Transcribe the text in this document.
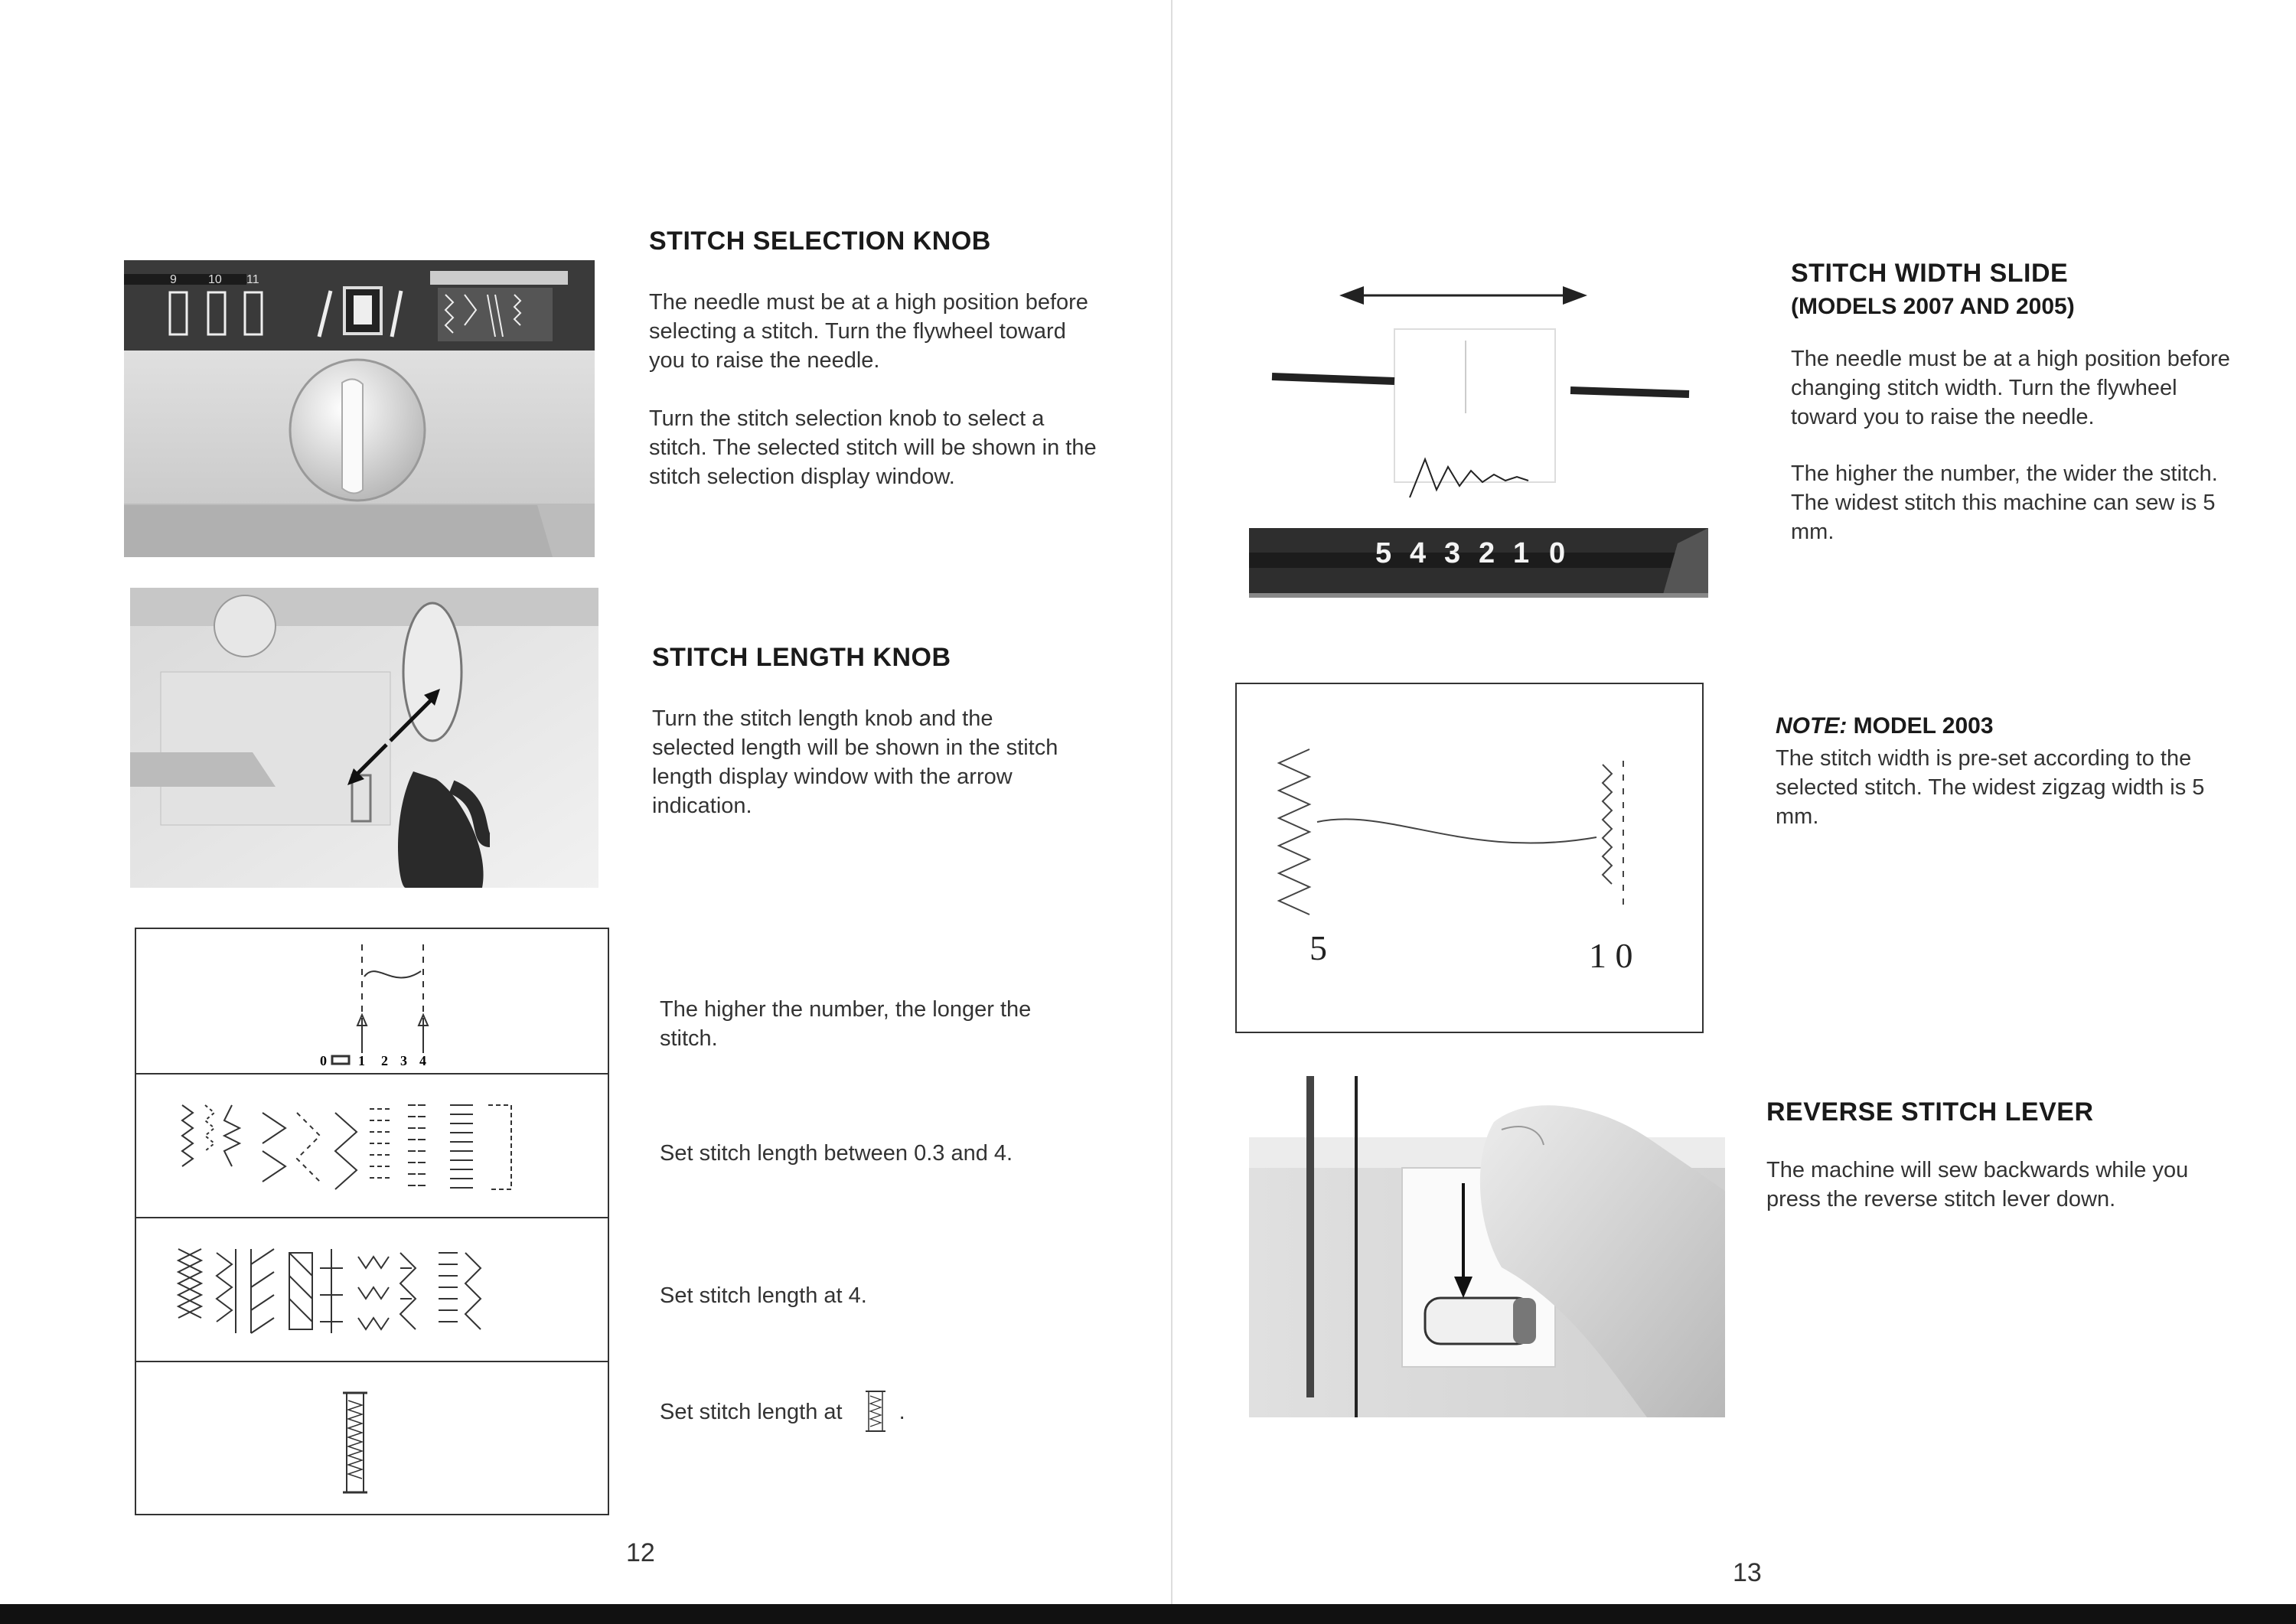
9	10 11
STITCH SELECTION KNOB

The needle must be at a high position before selecting a stitch. Turn the flywheel toward you to raise the needle.

Turn the stitch selection knob to select a stitch. The selected stitch will be shown in the stitch selection display window.

STITCH LENGTH KNOB

Turn the stitch length knob and the selected length will be shown in the stitch length display window with the arrow indication.

0 1 2 3 4

The higher the number, the longer the stitch.

Set stitch length between 0.3 and 4.

Set stitch length at 4.

Set stitch length at	.
12
5 4 3 2 1 0
STITCH WIDTH SLIDE
(MODELS 2007 AND 2005)

The needle must be at a high position before changing stitch width. Turn the flywheel toward you to raise the needle.

The higher the number, the wider the stitch. The widest stitch this machine can sew is 5 mm.

5	1 0
NOTE: MODEL 2003

The stitch width is pre-set according to the selected stitch. The widest zigzag width is 5 mm.

REVERSE STITCH LEVER

The machine will sew backwards while you press the reverse stitch lever down.

13
